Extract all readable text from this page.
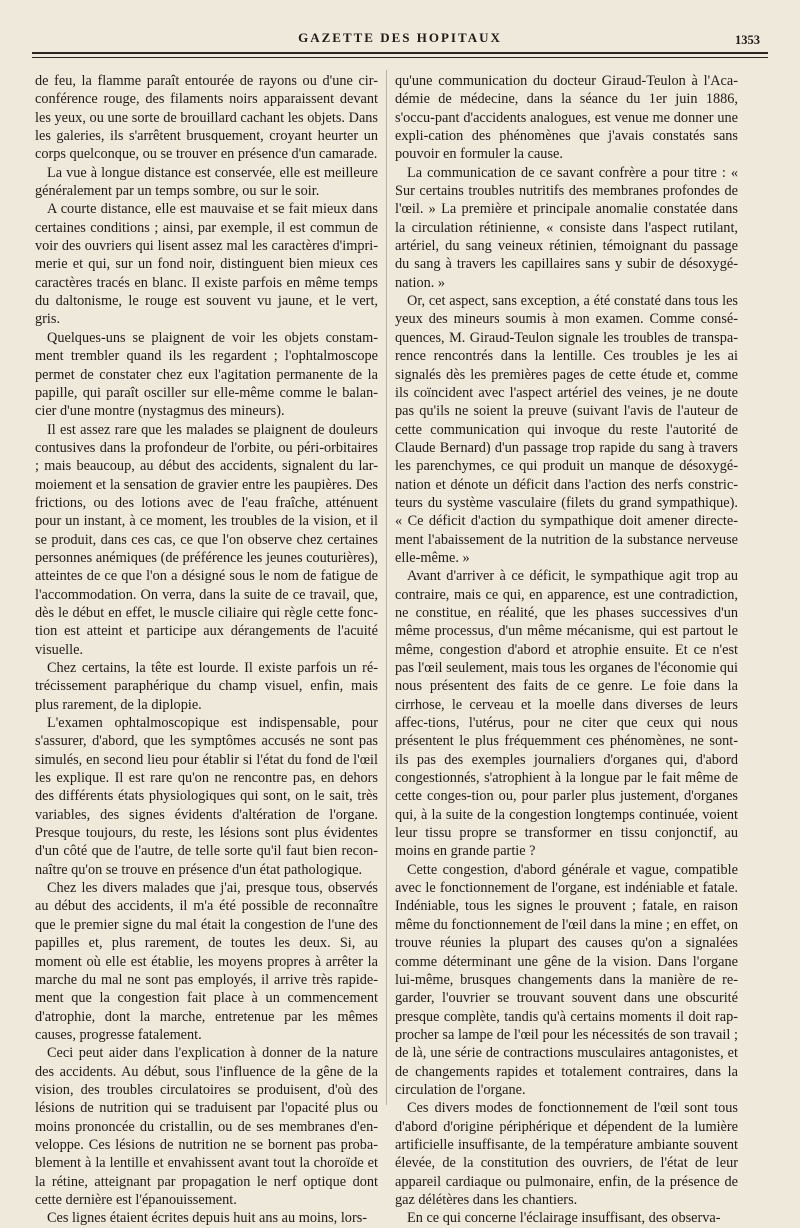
GAZETTE DES HOPITAUX	1353

de feu, la flamme paraît entourée de rayons ou d'une cir-conférence rouge, des filaments noirs apparaissent devant les yeux, ou une sorte de brouillard cachant les objets. Dans les galeries, ils s'arrêtent brusquement, croyant heurter un corps quelconque, ou se trouver en présence d'un camarade.

La vue à longue distance est conservée, elle est meilleure généralement par un temps sombre, ou sur le soir.

A courte distance, elle est mauvaise et se fait mieux dans certaines conditions ; ainsi, par exemple, il est commun de voir des ouvriers qui lisent assez mal les caractères d'impri-merie et qui, sur un fond noir, distinguent bien mieux ces caractères tracés en blanc. Il existe parfois en même temps du daltonisme, le rouge est souvent vu jaune, et le vert, gris.

Quelques-uns se plaignent de voir les objets constam-ment trembler quand ils les regardent ; l'ophtalmoscope permet de constater chez eux l'agitation permanente de la papille, qui paraît osciller sur elle-même comme le balan-cier d'une montre (nystagmus des mineurs).

Il est assez rare que les malades se plaignent de douleurs contusives dans la profondeur de l'orbite, ou péri-orbitaires ; mais beaucoup, au début des accidents, signalent du lar-moiement et la sensation de gravier entre les paupières. Des frictions, ou des lotions avec de l'eau fraîche, atténuent pour un instant, à ce moment, les troubles de la vision, et il se produit, dans ces cas, ce que l'on observe chez certaines personnes anémiques (de préférence les jeunes couturières), atteintes de ce que l'on a désigné sous le nom de fatigue de l'accommodation. On verra, dans la suite de ce travail, que, dès le début en effet, le muscle ciliaire qui règle cette fonc-tion est atteint et participe aux dérangements de l'acuité visuelle.

Chez certains, la tête est lourde. Il existe parfois un ré-trécissement paraphérique du champ visuel, enfin, mais plus rarement, de la diplopie.

L'examen ophtalmoscopique est indispensable, pour s'assurer, d'abord, que les symptômes accusés ne sont pas simulés, en second lieu pour établir si l'état du fond de l'œil les explique. Il est rare qu'on ne rencontre pas, en dehors des différents états physiologiques qui sont, on le sait, très variables, des signes évidents d'altération de l'organe. Presque toujours, du reste, les lésions sont plus évidentes d'un côté que de l'autre, de telle sorte qu'il faut bien recon-naître qu'on se trouve en présence d'un état pathologique.

Chez les divers malades que j'ai, presque tous, observés au début des accidents, il m'a été possible de reconnaître que le premier signe du mal était la congestion de l'une des papilles et, plus rarement, de toutes les deux. Si, au moment où elle est établie, les moyens propres à arrêter la marche du mal ne sont pas employés, il arrive très rapide-ment que la congestion fait place à un commencement d'atrophie, dont la marche, entretenue par les mêmes causes, progresse fatalement.

Ceci peut aider dans l'explication à donner de la nature des accidents. Au début, sous l'influence de la gêne de la vision, des troubles circulatoires se produisent, d'où des lésions de nutrition qui se traduisent par l'opacité plus ou moins prononcée du cristallin, ou de ses membranes d'en-veloppe. Ces lésions de nutrition ne se bornent pas proba-blement à la lentille et envahissent avant tout la choroïde et la rétine, atteignant par propagation le nerf optique dont cette dernière est l'épanouissement.

Ces lignes étaient écrites depuis huit ans au moins, lors-

qu'une communication du docteur Giraud-Teulon à l'Aca-démie de médecine, dans la séance du 1er juin 1886, s'occu-pant d'accidents analogues, est venue me donner une expli-cation des phénomènes que j'avais constatés sans pouvoir en formuler la cause.

La communication de ce savant confrère a pour titre : « Sur certains troubles nutritifs des membranes profondes de l'œil. » La première et principale anomalie constatée dans la circulation rétinienne, « consiste dans l'aspect rutilant, artériel, du sang veineux rétinien, témoignant du passage du sang à travers les capillaires sans y subir de désoxygé-nation. »

Or, cet aspect, sans exception, a été constaté dans tous les yeux des mineurs soumis à mon examen. Comme consé-quences, M. Giraud-Teulon signale les troubles de transpa-rence rencontrés dans la lentille. Ces troubles je les ai signalés dès les premières pages de cette étude et, comme ils coïncident avec l'aspect artériel des veines, je ne doute pas qu'ils ne soient la preuve (suivant l'avis de l'auteur de cette communication qui invoque du reste l'autorité de Claude Bernard) d'un passage trop rapide du sang à travers les parenchymes, ce qui produit un manque de désoxygé-nation et dénote un déficit dans l'action des nerfs constric-teurs du système vasculaire (filets du grand sympathique). « Ce déficit d'action du sympathique doit amener directe-ment l'abaissement de la nutrition de la substance nerveuse elle-même. »

Avant d'arriver à ce déficit, le sympathique agit trop au contraire, mais ce qui, en apparence, est une contradiction, ne constitue, en réalité, que les phases successives d'un même processus, d'un même mécanisme, qui est partout le même, congestion d'abord et atrophie ensuite. Et ce n'est pas l'œil seulement, mais tous les organes de l'économie qui nous présentent des faits de ce genre. Le foie dans la cirrhose, le cerveau et la moelle dans diverses de leurs affec-tions, l'utérus, pour ne citer que ceux qui nous présentent le plus fréquemment ces phénomènes, ne sont-ils pas des exemples journaliers d'organes qui, d'abord congestionnés, s'atrophient à la longue par le fait même de cette conges-tion ou, pour parler plus justement, d'organes qui, à la suite de la congestion longtemps continuée, voient leur tissu propre se transformer en tissu conjonctif, au moins en grande partie ?

Cette congestion, d'abord générale et vague, compatible avec le fonctionnement de l'organe, est indéniable et fatale. Indéniable, tous les signes le prouvent ; fatale, en raison même du fonctionnement de l'œil dans la mine ; en effet, on trouve réunies la plupart des causes qu'on a signalées comme déterminant une gêne de la vision. Dans l'organe lui-même, brusques changements dans la manière de re-garder, l'ouvrier se trouvant souvent dans une obscurité presque complète, tandis qu'à certains moments il doit rap-procher sa lampe de l'œil pour les nécessités de son travail ; de là, une série de contractions musculaires antagonistes, et de changements rapides et totalement contraires, dans la circulation de l'organe.

Ces divers modes de fonctionnement de l'œil sont tous d'abord d'origine périphérique et dépendent de la lumière artificielle insuffisante, de la température ambiante souvent élevée, de la constitution des ouvriers, de l'état de leur appareil cardiaque ou pulmonaire, enfin, de la présence de gaz délétères dans les chantiers.

En ce qui concerne l'éclairage insuffisant, des observa-
